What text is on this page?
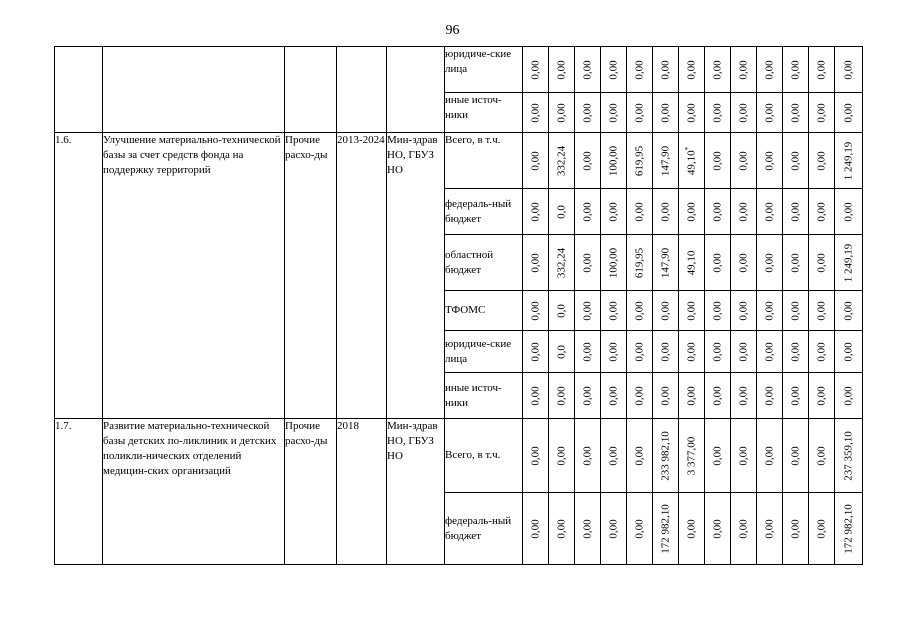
96
					юридиче-ские лица	0,00	0,00	0,00	0,00	0,00	0,00	0,00	0,00	0,00	0,00	0,00	0,00	0,00

					иные источ-ники	0,00	0,00	0,00	0,00	0,00	0,00	0,00	0,00	0,00	0,00	0,00	0,00	0,00

1.6.	Улучшение материально-технической базы за счет средств фонда на поддержку территорий	Прочие расхо-ды	2013-2024	Мин-здрав НО, ГБУЗ НО	Всего, в т.ч.	0,00	332,24	0,00	100,00	619,95	147,90	49,10*	0,00	0,00	0,00	0,00	0,00	1 249,19

					федераль-ный бюджет	0,00	0,0	0,00	0,00	0,00	0,00	0,00	0,00	0,00	0,00	0,00	0,00	0,00

					областной бюджет	0,00	332,24	0,00	100,00	619,95	147,90	49,10	0,00	0,00	0,00	0,00	0,00	1 249,19

					ТФОМС	0,00	0,0	0,00	0,00	0,00	0,00	0,00	0,00	0,00	0,00	0,00	0,00	0,00

					юридиче-ские лица	0,00	0,0	0,00	0,00	0,00	0,00	0,00	0,00	0,00	0,00	0,00	0,00	0,00

					иные источ-ники	0,00	0,00	0,00	0,00	0,00	0,00	0,00	0,00	0,00	0,00	0,00	0,00	0,00

1.7.	Развитие материально-технической базы детских по-ликлиник и детских поликли-нических отделений медицин-ских организаций	Прочие расхо-ды	2018	Мин-здрав НО, ГБУЗ НО	Всего, в т.ч.	0,00	0,00	0,00	0,00	0,00	233 982,10	3 377,00	0,00	0,00	0,00	0,00	0,00	237 359,10

					федераль-ный бюджет	0,00	0,00	0,00	0,00	0,00	172 982,10	0,00	0,00	0,00	0,00	0,00	0,00	172 982,10
